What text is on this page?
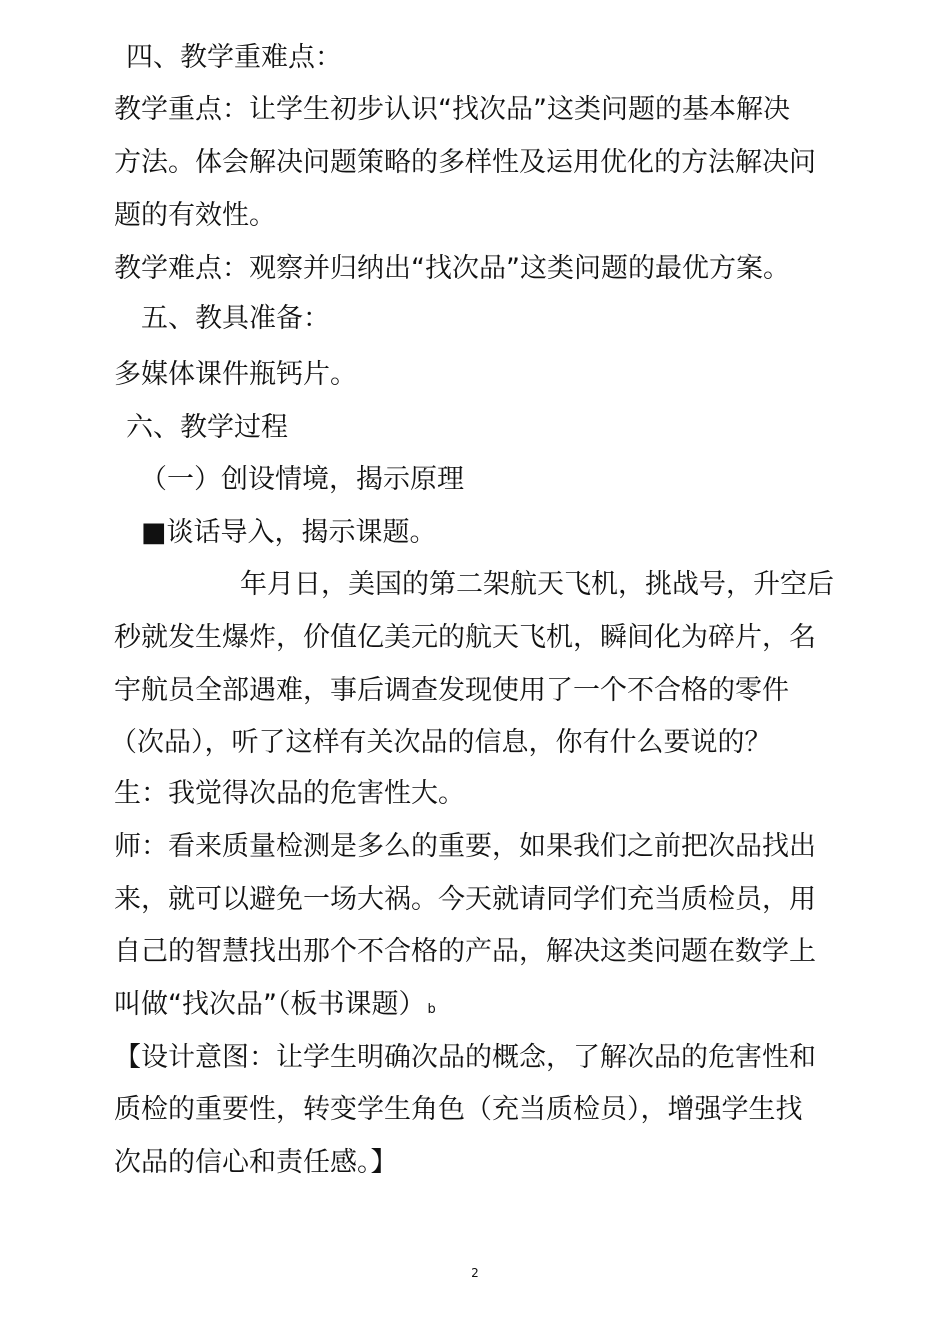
四、教学重难点：

教学重点：让学生初步认识“找次品”这类问题的基本解决

方法。体会解决问题策略的多样性及运用优化的方法解决问

题的有效性。

教学难点：观察并归纳出“找次品”这类问题的最优方案。

五、教具准备：

多媒体课件瓶钙片。

六、教学过程

（一）创设情境，揭示原理

■谈话导入，揭示课题。

年月日，美国的第二架航天飞机，挑战号，升空后

秒就发生爆炸，价值亿美元的航天飞机，瞬间化为碎片，名

宇航员全部遇难，事后调查发现使用了一个不合格的零件

（次品），听了这样有关次品的信息，你有什么要说的？

生：我觉得次品的危害性大。

师：看来质量检测是多么的重要，如果我们之前把次品找出

来，就可以避免一场大祸。今天就请同学们充当质检员，用

自己的智慧找出那个不合格的产品，解决这类问题在数学上

叫做“找次品”（板书课题） b

【设计意图：让学生明确次品的概念，了解次品的危害性和

质检的重要性，转变学生角色（充当质检员），增强学生找

次品的信心和责任感。】

2
